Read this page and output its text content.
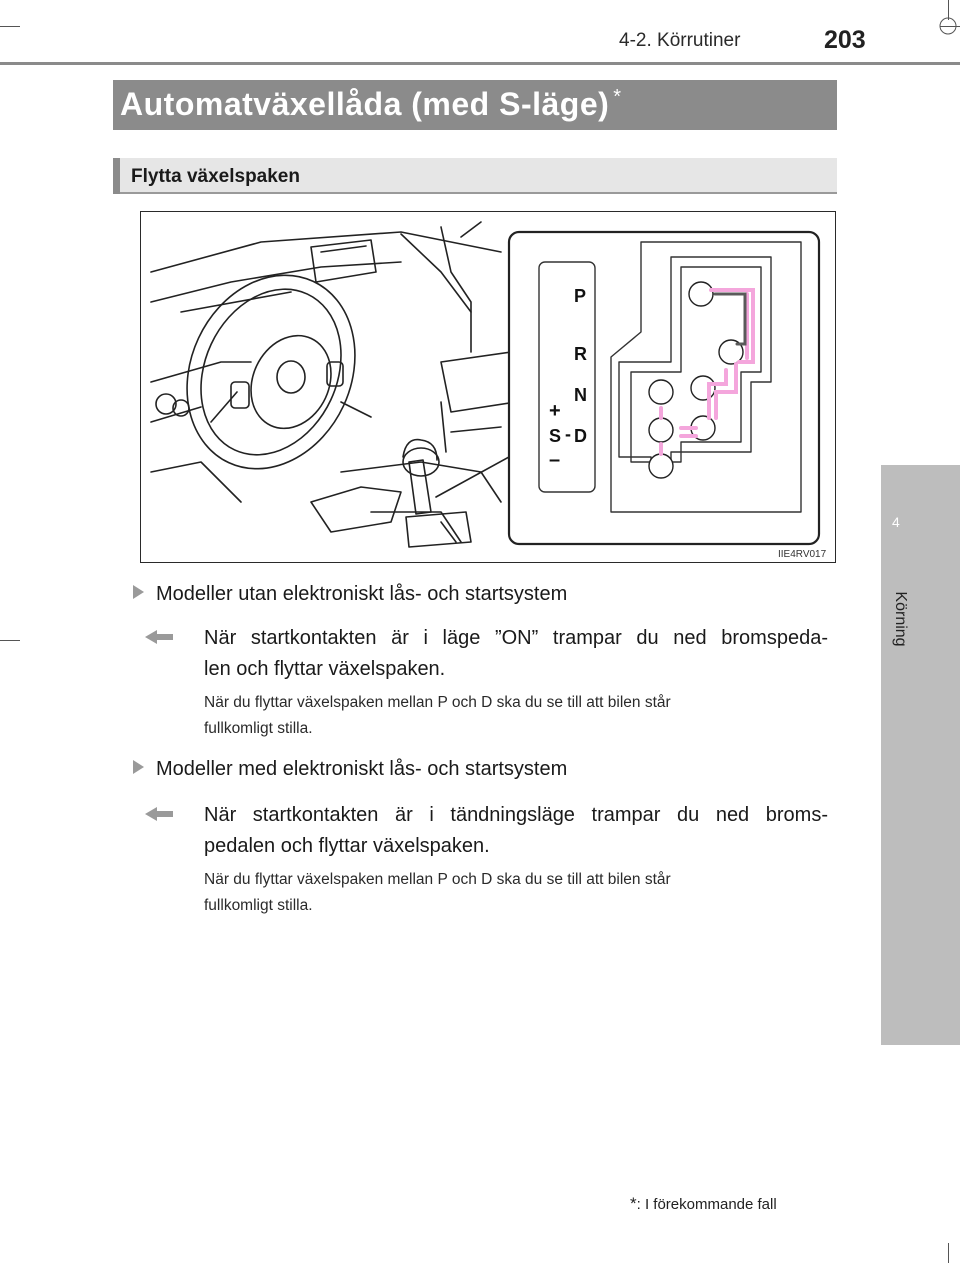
4-2. Körrutiner	203
4
Körning
Automatväxellåda (med S-läge) *
Flytta växelspaken
P
R
N
+
S - D
–
IIE4RV017
Modeller utan elektroniskt lås- och startsystem
När startkontakten är i läge ”ON” trampar du ned bromspeda-
len och flyttar växelspaken.
När du flyttar växelspaken mellan P och D ska du se till att bilen står
fullkomligt stilla.
Modeller med elektroniskt lås- och startsystem
När startkontakten är i tändningsläge trampar du ned broms-
pedalen och flyttar växelspaken.
När du flyttar växelspaken mellan P och D ska du se till att bilen står
fullkomligt stilla.
*: I förekommande fall
